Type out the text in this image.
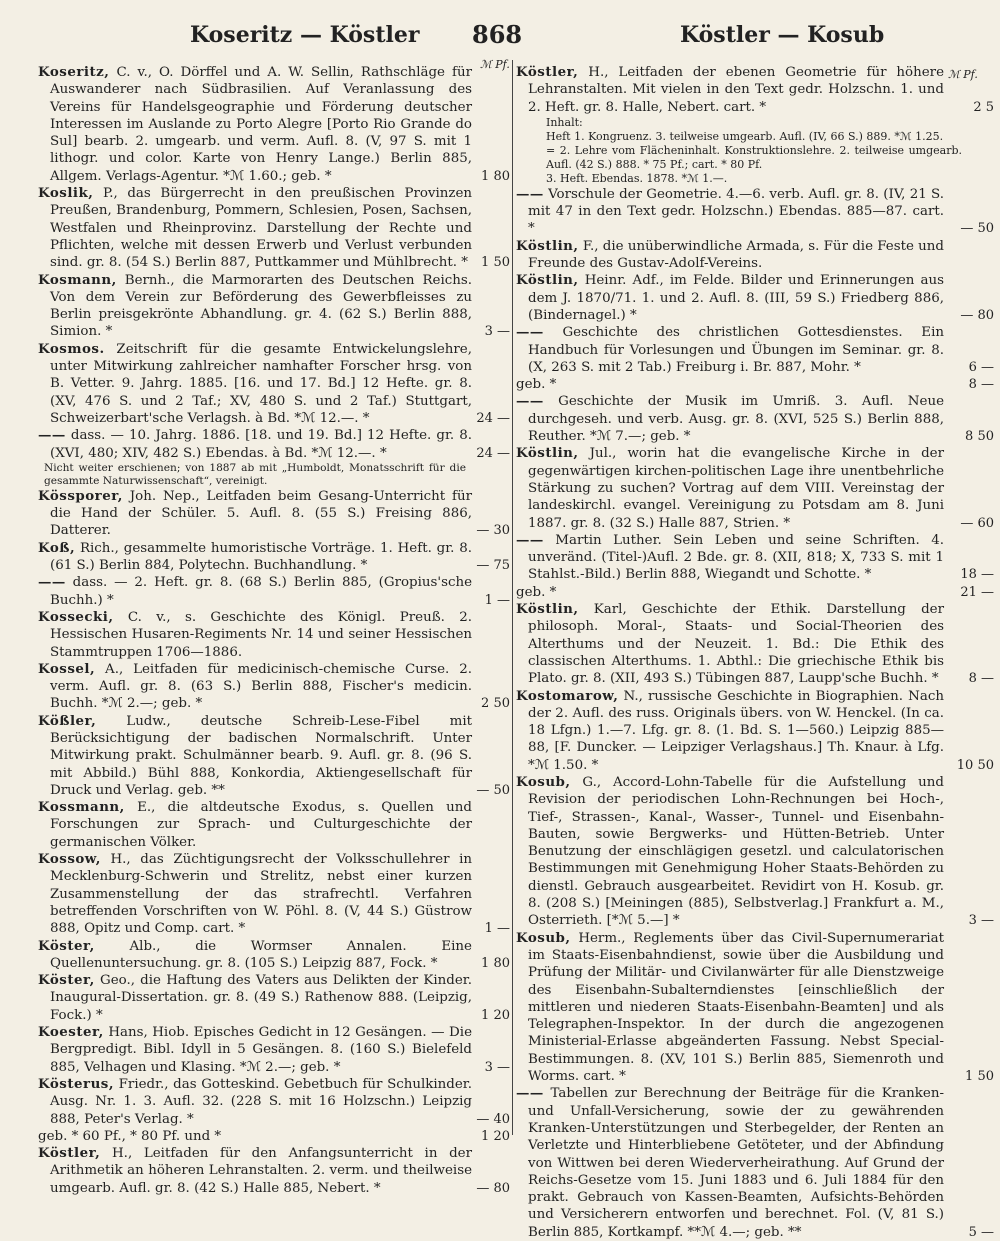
Koseritz — Köstler 868	Köstler — Kosub
ℳ Pf.
ℳ Pf.
Koseritz, C. v., O. Dörffel und A. W. Sellin, Rathschläge für Auswanderer nach Südbrasilien. Auf Veranlassung des Vereins für Handelsgeographie und Förderung deutscher Interessen im Auslande zu Porto Alegre [Porto Rio Grande do Sul] bearb. 2. umgearb. und verm. Aufl. 8. (V, 97 S. mit 1 lithogr. und color. Karte von Henry Lange.) Berlin 885, Allgem. Verlags-Agentur. *ℳ 1.60.; geb. *	1 80
Koslik, P., das Bürgerrecht in den preußischen Provinzen Preußen, Brandenburg, Pommern, Schlesien, Posen, Sachsen, Westfalen und Rheinprovinz. Darstellung der Rechte und Pflichten, welche mit dessen Erwerb und Verlust verbunden sind. gr. 8. (54 S.) Berlin 887, Puttkammer und Mühlbrecht. *	1 50
Kosmann, Bernh., die Marmorarten des Deutschen Reichs. Von dem Verein zur Beförderung des Gewerbfleisses zu Berlin preisgekrönte Abhandlung. gr. 4. (62 S.) Berlin 888, Simion. *	3 —
Kosmos. Zeitschrift für die gesamte Entwickelungslehre, unter Mitwirkung zahlreicher namhafter Forscher hrsg. von B. Vetter. 9. Jahrg. 1885. [16. und 17. Bd.] 12 Hefte. gr. 8. (XV, 476 S. und 2 Taf.; XV, 480 S. und 2 Taf.) Stuttgart, Schweizerbart'sche Verlagsh. à Bd. *ℳ 12.—. *	24 —
—— dass. — 10. Jahrg. 1886. [18. und 19. Bd.] 12 Hefte. gr. 8. (XVI, 480; XIV, 482 S.) Ebendas. à Bd. *ℳ 12.—. *	24 —
Nicht weiter erschienen; von 1887 ab mit „Humboldt, Monatsschrift für die gesammte Naturwissenschaft“, vereinigt.
Kössporer, Joh. Nep., Leitfaden beim Gesang-Unterricht für die Hand der Schüler. 5. Aufl. 8. (55 S.) Freising 886, Datterer.	— 30
Koß, Rich., gesammelte humoristische Vorträge. 1. Heft. gr. 8. (61 S.) Berlin 884, Polytechn. Buchhandlung. *	— 75
—— dass. — 2. Heft. gr. 8. (68 S.) Berlin 885, (Gropius'sche Buchh.) *	1 —
Kossecki, C. v., s. Geschichte des Königl. Preuß. 2. Hessischen Husaren-Regiments Nr. 14 und seiner Hessischen Stammtruppen 1706—1886.
Kossel, A., Leitfaden für medicinisch-chemische Curse. 2. verm. Aufl. gr. 8. (63 S.) Berlin 888, Fischer's medicin. Buchh. *ℳ 2.—; geb. *	2 50
Kößler, Ludw., deutsche Schreib-Lese-Fibel mit Berücksichtigung der badischen Normalschrift. Unter Mitwirkung prakt. Schulmänner bearb. 9. Aufl. gr. 8. (96 S. mit Abbild.) Bühl 888, Konkordia, Aktiengesellschaft für Druck und Verlag. geb. **	— 50
Kossmann, E., die altdeutsche Exodus, s. Quellen und Forschungen zur Sprach- und Culturgeschichte der germanischen Völker.
Kossow, H., das Züchtigungsrecht der Volksschullehrer in Mecklenburg-Schwerin und Strelitz, nebst einer kurzen Zusammenstellung der das strafrechtl. Verfahren betreffenden Vorschriften von W. Pöhl. 8. (V, 44 S.) Güstrow 888, Opitz und Comp. cart. *	1 —
Köster, Alb., die Wormser Annalen. Eine Quellenuntersuchung. gr. 8. (105 S.) Leipzig 887, Fock. *	1 80
Köster, Geo., die Haftung des Vaters aus Delikten der Kinder. Inaugural-Dissertation. gr. 8. (49 S.) Rathenow 888. (Leipzig, Fock.) *	1 20
Koester, Hans, Hiob. Episches Gedicht in 12 Gesängen. — Die Bergpredigt. Bibl. Idyll in 5 Gesängen. 8. (160 S.) Bielefeld 885, Velhagen und Klasing. *ℳ 2.—; geb. *	3 —
Kösterus, Friedr., das Gotteskind. Gebetbuch für Schulkinder. Ausg. Nr. 1. 3. Aufl. 32. (228 S. mit 16 Holzschn.) Leipzig 888, Peter's Verlag. *	— 40
geb. * 60 Pf., * 80 Pf. und *	1 20
Köstler, H., Leitfaden für den Anfangsunterricht in der Arithmetik an höheren Lehranstalten. 2. verm. und theilweise umgearb. Aufl. gr. 8. (42 S.) Halle 885, Nebert. *	— 80
Köstler, H., Leitfaden der ebenen Geometrie für höhere Lehranstalten. Mit vielen in den Text gedr. Holzschn. 1. und 2. Heft. gr. 8. Halle, Nebert. cart. *	2 5
Inhalt:
Heft 1. Kongruenz. 3. teilweise umgearb. Aufl. (IV, 66 S.) 889. *ℳ 1.25.
= 2. Lehre vom Flächeninhalt. Konstruktionslehre. 2. teilweise umgearb. Aufl. (42 S.) 888. * 75 Pf.; cart. * 80 Pf.
3. Heft. Ebendas. 1878. *ℳ 1.—.
—— Vorschule der Geometrie. 4.—6. verb. Aufl. gr. 8. (IV, 21 S. mit 47 in den Text gedr. Holzschn.) Ebendas. 885—87. cart. *	— 50
Köstlin, F., die unüberwindliche Armada, s. Für die Feste und Freunde des Gustav-Adolf-Vereins.
Köstlin, Heinr. Adf., im Felde. Bilder und Erinnerungen aus dem J. 1870/71. 1. und 2. Aufl. 8. (III, 59 S.) Friedberg 886, (Bindernagel.) *	— 80
—— Geschichte des christlichen Gottesdienstes. Ein Handbuch für Vorlesungen und Übungen im Seminar. gr. 8. (X, 263 S. mit 2 Tab.) Freiburg i. Br. 887, Mohr. *	6 —
geb. *	8 —
—— Geschichte der Musik im Umriß. 3. Aufl. Neue durchgeseh. und verb. Ausg. gr. 8. (XVI, 525 S.) Berlin 888, Reuther. *ℳ 7.—; geb. *	8 50
Köstlin, Jul., worin hat die evangelische Kirche in der gegenwärtigen kirchen-politischen Lage ihre unentbehrliche Stärkung zu suchen? Vortrag auf dem VIII. Vereinstag der landeskirchl. evangel. Vereinigung zu Potsdam am 8. Juni 1887. gr. 8. (32 S.) Halle 887, Strien. *	— 60
—— Martin Luther. Sein Leben und seine Schriften. 4. unveränd. (Titel-)Aufl. 2 Bde. gr. 8. (XII, 818; X, 733 S. mit 1 Stahlst.-Bild.) Berlin 888, Wiegandt und Schotte. *	18 —
geb. *	21 —
Köstlin, Karl, Geschichte der Ethik. Darstellung der philosoph. Moral-, Staats- und Social-Theorien des Alterthums und der Neuzeit. 1. Bd.: Die Ethik des classischen Alterthums. 1. Abthl.: Die griechische Ethik bis Plato. gr. 8. (XII, 493 S.) Tübingen 887, Laupp'sche Buchh. *	8 —
Kostomarow, N., russische Geschichte in Biographien. Nach der 2. Aufl. des russ. Originals übers. von W. Henckel. (In ca. 18 Lfgn.) 1.—7. Lfg. gr. 8. (1. Bd. S. 1—560.) Leipzig 885—88, [F. Duncker. — Leipziger Verlagshaus.] Th. Knaur. à Lfg. *ℳ 1.50. *	10 50
Kosub, G., Accord-Lohn-Tabelle für die Aufstellung und Revision der periodischen Lohn-Rechnungen bei Hoch-, Tief-, Strassen-, Kanal-, Wasser-, Tunnel- und Eisenbahn-Bauten, sowie Bergwerks- und Hütten-Betrieb. Unter Benutzung der einschlägigen gesetzl. und calculatorischen Bestimmungen mit Genehmigung Hoher Staats-Behörden zu dienstl. Gebrauch ausgearbeitet. Revidirt von H. Kosub. gr. 8. (208 S.) [Meiningen (885), Selbstverlag.] Frankfurt a. M., Osterrieth. [*ℳ 5.—] *	3 —
Kosub, Herm., Reglements über das Civil-Supernumerariat im Staats-Eisenbahndienst, sowie über die Ausbildung und Prüfung der Militär- und Civilanwärter für alle Dienstzweige des Eisenbahn-Subalterndienstes [einschließlich der mittleren und niederen Staats-Eisenbahn-Beamten] und als Telegraphen-Inspektor. In der durch die angezogenen Ministerial-Erlasse abgeänderten Fassung. Nebst Special-Bestimmungen. 8. (XV, 101 S.) Berlin 885, Siemenroth und Worms. cart. *	1 50
—— Tabellen zur Berechnung der Beiträge für die Kranken- und Unfall-Versicherung, sowie der zu gewährenden Kranken-Unterstützungen und Sterbegelder, der Renten an Verletzte und Hinterbliebene Getöteter, und der Abfindung von Wittwen bei deren Wiederverheirathung. Auf Grund der Reichs-Gesetze vom 15. Juni 1883 und 6. Juli 1884 für den prakt. Gebrauch von Kassen-Beamten, Aufsichts-Behörden und Versicherern entworfen und berechnet. Fol. (V, 81 S.) Berlin 885, Kortkampf. **ℳ 4.—; geb. **	5 —
